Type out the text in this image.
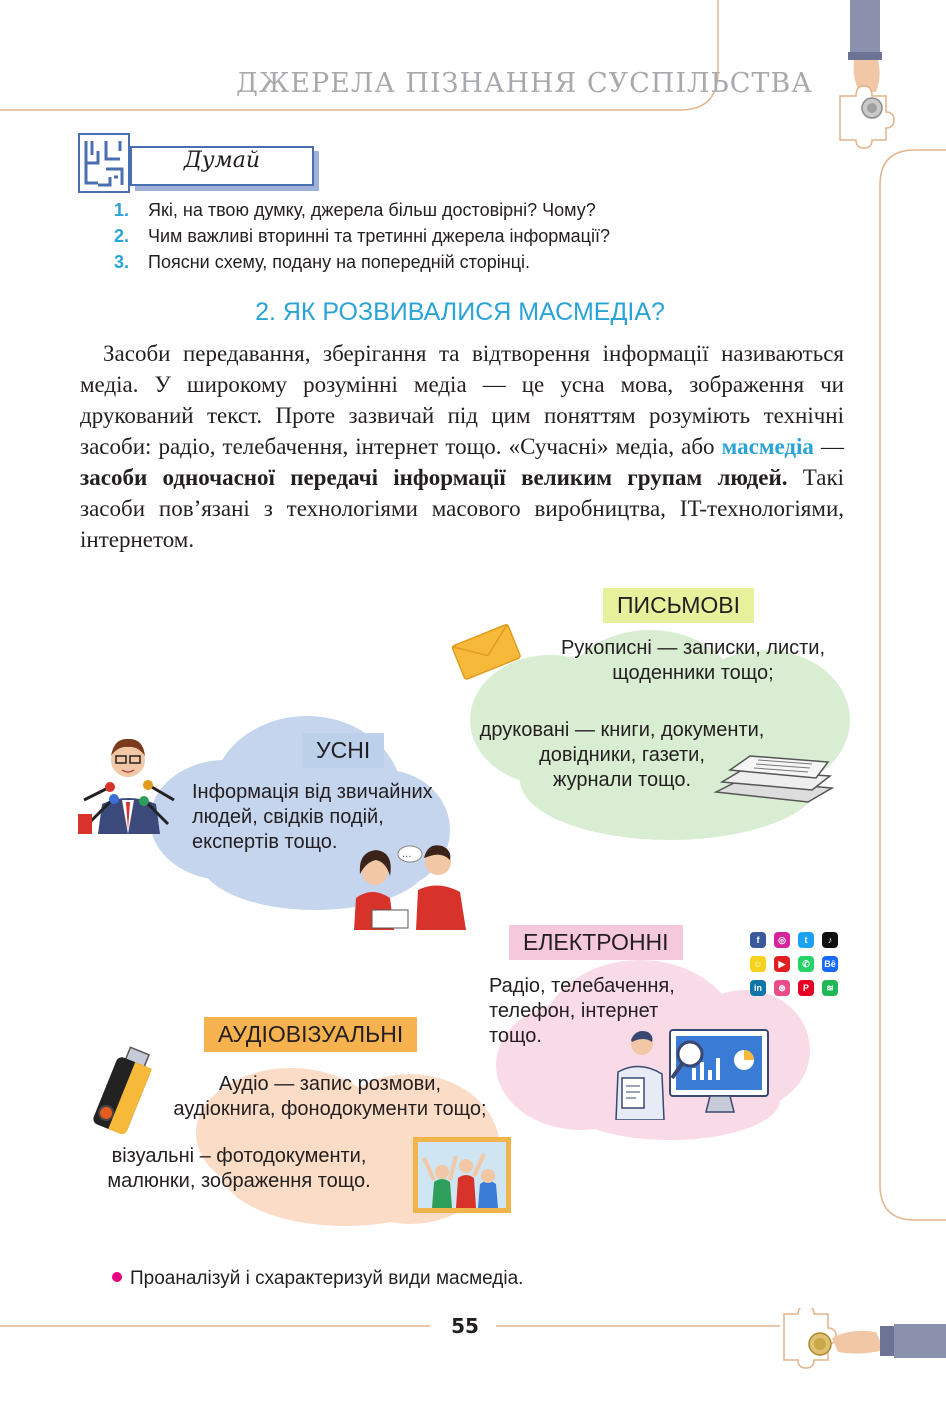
ДЖЕРЕЛА ПІЗНАННЯ СУСПІЛЬСТВА
Думай
1. Які, на твою думку, джерела більш достовірні? Чому?
2. Чим важливі вторинні та третинні джерела інформації?
3. Поясни схему, подану на попередній сторінці.
2. ЯК РОЗВИВАЛИСЯ МАСМЕДІА?
 Засоби передавання, зберігання та відтворення інформації називаються медіа. У широкому розумінні медіа — це усна мова, зображення чи друкований текст. Проте зазвичай під цим поняттям розуміють технічні засоби: радіо, телебачення, інтернет тощо. «Сучасні» медіа, або масмедіа — засоби одночасної передачі інформації великим групам людей. Такі засоби пов’язані з технологіями масового виробництва, IT-технологіями, інтернетом.
ПИСЬМОВІ
Рукописні — записки, листи,
щоденники тощо;
друковані — книги, документи,
довідники, газети,
журнали тощо.
УСНІ
Інформація від звичайних
людей, свідків подій,
експертів тощо.
...
ЕЛЕКТРОННІ
Радіо, телебачення,
телефон, інтернет
тощо.
f	◎	t	♪
☺	▶	✆	Bē
in	⊛	P	≋
АУДІОВІЗУАЛЬНІ
Аудіо — запис розмови,
аудіокнига, фонодокументи тощо;
візуальні – фотодокументи,
малюнки, зображення тощо.
Проаналізуй і схарактеризуй види масмедіа.
55
